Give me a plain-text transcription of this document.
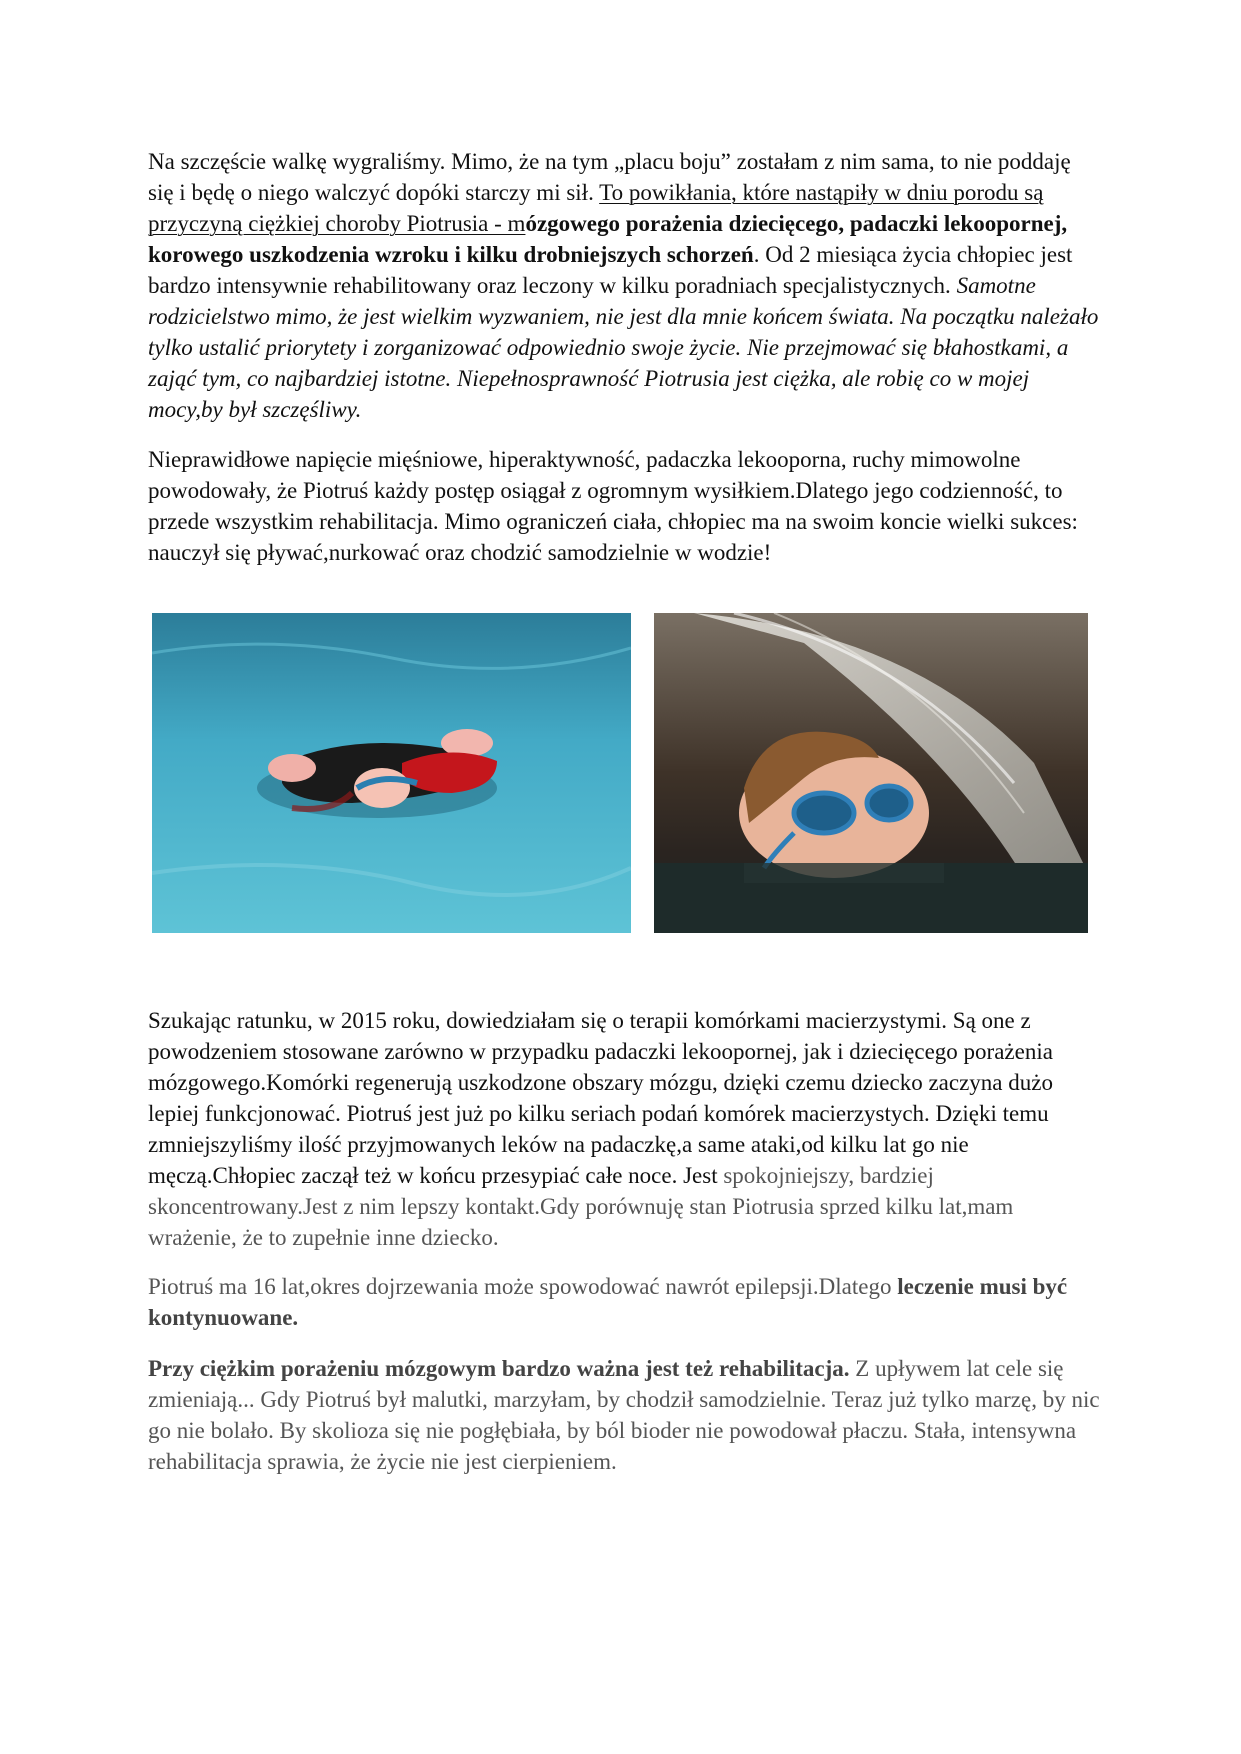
Na szczęście walkę wygraliśmy. Mimo, że na tym „placu boju” zostałam z nim sama, to nie poddaję się i będę o niego walczyć dopóki starczy mi sił. To powikłania, które nastąpiły w dniu porodu są przyczyną ciężkiej choroby Piotrusia - mózgowego porażenia dziecięcego, padaczki lekoopornej, korowego uszkodzenia wzroku i kilku drobniejszych schorzeń. Od 2 miesiąca życia chłopiec jest bardzo intensywnie rehabilitowany oraz leczony w kilku poradniach specjalistycznych. Samotne rodzicielstwo mimo, że jest wielkim wyzwaniem, nie jest dla mnie końcem świata. Na początku należało tylko ustalić priorytety i zorganizować odpowiednio swoje życie. Nie przejmować się błahostkami, a zająć tym, co najbardziej istotne. Niepełnosprawność Piotrusia jest ciężka, ale robię co w mojej mocy,by był szczęśliwy.

Nieprawidłowe napięcie mięśniowe, hiperaktywność, padaczka lekooporna, ruchy mimowolne powodowały, że Piotruś każdy postęp osiągał z ogromnym wysiłkiem.Dlatego jego codzienność, to przede wszystkim rehabilitacja. Mimo ograniczeń ciała, chłopiec ma na swoim koncie wielki sukces: nauczył się pływać,nurkować oraz chodzić samodzielnie w wodzie!

Szukając ratunku, w 2015 roku, dowiedziałam się o terapii komórkami macierzystymi. Są one z powodzeniem stosowane zarówno w przypadku padaczki lekoopornej, jak i dziecięcego porażenia mózgowego.Komórki regenerują uszkodzone obszary mózgu, dzięki czemu dziecko zaczyna dużo lepiej funkcjonować. Piotruś jest już po kilku seriach podań komórek macierzystych. Dzięki temu zmniejszyliśmy ilość przyjmowanych leków na padaczkę,a same ataki,od kilku lat go nie męczą.Chłopiec zaczął też w końcu przesypiać całe noce. Jest spokojniejszy, bardziej skoncentrowany.Jest z nim lepszy kontakt.Gdy porównuję stan Piotrusia sprzed kilku lat,mam wrażenie, że to zupełnie inne dziecko.

Piotruś ma 16 lat,okres dojrzewania może spowodować nawrót epilepsji.Dlatego leczenie musi być kontynuowane.

Przy ciężkim porażeniu mózgowym bardzo ważna jest też rehabilitacja. Z upływem lat cele się zmieniają... Gdy Piotruś był malutki, marzyłam, by chodził samodzielnie. Teraz już tylko marzę, by nic go nie bolało. By skolioza się nie pogłębiała, by ból bioder nie powodował płaczu. Stała, intensywna rehabilitacja sprawia, że życie nie jest cierpieniem.
